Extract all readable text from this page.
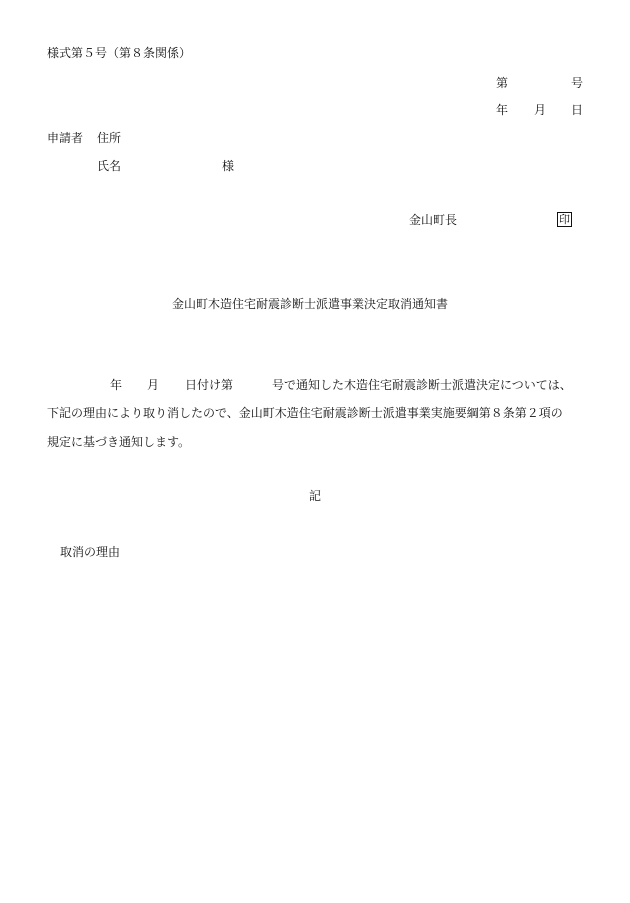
様式第５号（第８条関係）
第	号
年 月 日
申請者 住所
氏名	様
金山町長	印
金山町木造住宅耐震診断士派遣事業決定取消通知書
年 月 日付け第	号で通知した木造住宅耐震診断士派遣決定については、
下記の理由により取り消したので、金山町木造住宅耐震診断士派遣事業実施要綱第８条第２項の
規定に基づき通知します。
記
取消の理由
